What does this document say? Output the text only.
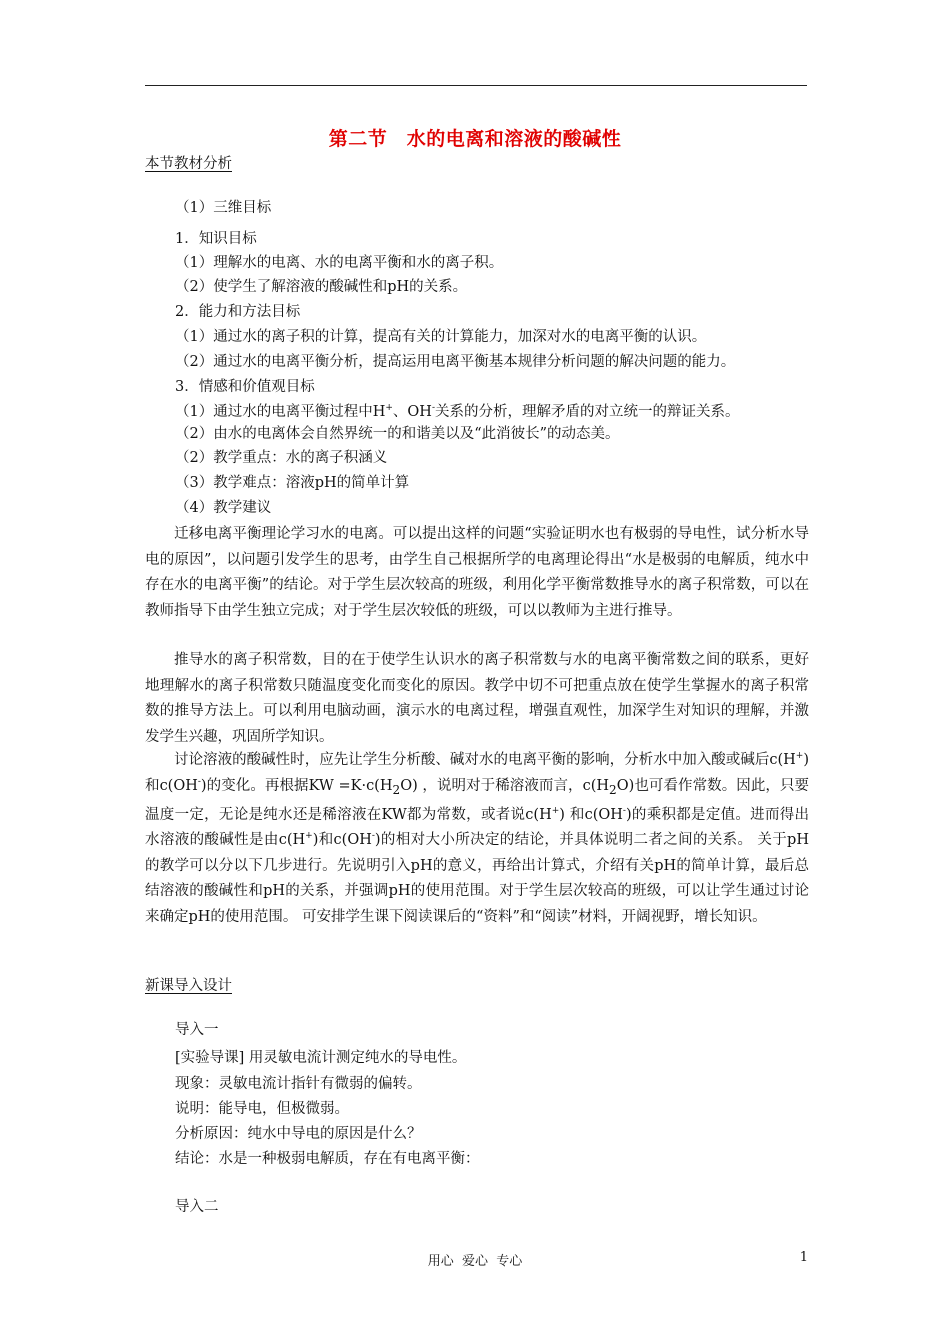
第二节　水的电离和溶液的酸碱性
本节教材分析
（1）三维目标
1．知识目标
（1）理解水的电离、水的电离平衡和水的离子积。
（2）使学生了解溶液的酸碱性和pH的关系。
2．能力和方法目标
（1）通过水的离子积的计算，提高有关的计算能力，加深对水的电离平衡的认识。
（2）通过水的电离平衡分析，提高运用电离平衡基本规律分析问题的解决问题的能力。
3．情感和价值观目标
（1）通过水的电离平衡过程中H+、OH-关系的分析，理解矛盾的对立统一的辩证关系。
（2）由水的电离体会自然界统一的和谐美以及“此消彼长”的动态美。
（2）教学重点：水的离子积涵义
（3）教学难点：溶液pH的简单计算
（4）教学建议
迁移电离平衡理论学习水的电离。可以提出这样的问题“实验证明水也有极弱的导电性，试分析水导电的原因”，以问题引发学生的思考，由学生自己根据所学的电离理论得出“水是极弱的电解质，纯水中存在水的电离平衡”的结论。对于学生层次较高的班级，利用化学平衡常数推导水的离子积常数，可以在教师指导下由学生独立完成；对于学生层次较低的班级，可以以教师为主进行推导。
推导水的离子积常数，目的在于使学生认识水的离子积常数与水的电离平衡常数之间的联系，更好地理解水的离子积常数只随温度变化而变化的原因。教学中切不可把重点放在使学生掌握水的离子积常数的推导方法上。可以利用电脑动画，演示水的电离过程，增强直观性，加深学生对知识的理解，并激发学生兴趣，巩固所学知识。
讨论溶液的酸碱性时，应先让学生分析酸、碱对水的电离平衡的影响，分析水中加入酸或碱后c(H+)和c(OH-)的变化。再根据KW $=K\cdot c(H_2O)$ ，说明对于稀溶液而言，$c(H_2O)$也可看作常数。因此，只要温度一定，无论是纯水还是稀溶液在KW都为常数，或者说c(H+) 和c(OH-)的乘积都是定值。进而得出水溶液的酸碱性是由c(H+)和c(OH-)的相对大小所决定的结论，并具体说明二者之间的关系。 关于pH的教学可以分以下几步进行。先说明引入pH的意义，再给出计算式，介绍有关pH的简单计算，最后总结溶液的酸碱性和pH的关系，并强调pH的使用范围。对于学生层次较高的班级，可以让学生通过讨论来确定pH的使用范围。 可安排学生课下阅读课后的“资料”和“阅读”材料，开阔视野，增长知识。
新课导入设计
导入一
[实验导课] 用灵敏电流计测定纯水的导电性。
现象：灵敏电流计指针有微弱的偏转。
说明：能导电，但极微弱。
分析原因：纯水中导电的原因是什么？
结论：水是一种极弱电解质，存在有电离平衡：
导入二
用心  爱心  专心	1
